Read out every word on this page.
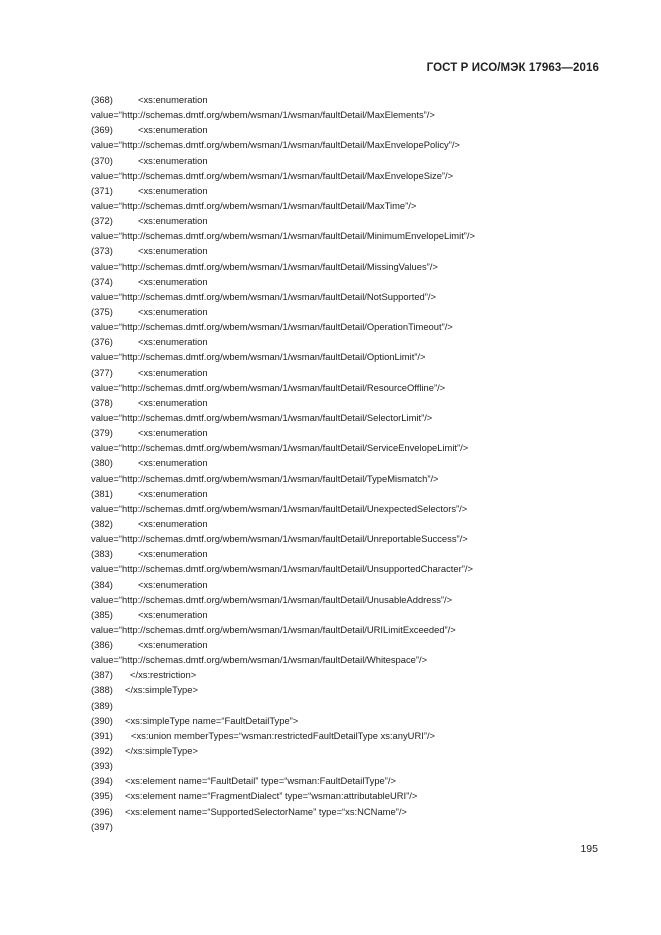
ГОСТ Р ИСО/МЭК 17963—2016
(368)	<xs:enumeration
value=“http://schemas.dmtf.org/wbem/wsman/1/wsman/faultDetail/MaxElements”/>
(369)	<xs:enumeration
value=“http://schemas.dmtf.org/wbem/wsman/1/wsman/faultDetail/MaxEnvelopePolicy”/>
(370)	<xs:enumeration
value=“http://schemas.dmtf.org/wbem/wsman/1/wsman/faultDetail/MaxEnvelopeSize”/>
(371)	<xs:enumeration
value=“http://schemas.dmtf.org/wbem/wsman/1/wsman/faultDetail/MaxTime”/>
(372)	<xs:enumeration
value=“http://schemas.dmtf.org/wbem/wsman/1/wsman/faultDetail/MinimumEnvelopeLimit”/>
(373)	<xs:enumeration
value=“http://schemas.dmtf.org/wbem/wsman/1/wsman/faultDetail/MissingValues”/>
(374)	<xs:enumeration
value=“http://schemas.dmtf.org/wbem/wsman/1/wsman/faultDetail/NotSupported”/>
(375)	<xs:enumeration
value=“http://schemas.dmtf.org/wbem/wsman/1/wsman/faultDetail/OperationTimeout”/>
(376)	<xs:enumeration
value=“http://schemas.dmtf.org/wbem/wsman/1/wsman/faultDetail/OptionLimit”/>
(377)	<xs:enumeration
value=“http://schemas.dmtf.org/wbem/wsman/1/wsman/faultDetail/ResourceOffline”/>
(378)	<xs:enumeration
value=“http://schemas.dmtf.org/wbem/wsman/1/wsman/faultDetail/SelectorLimit”/>
(379)	<xs:enumeration
value=“http://schemas.dmtf.org/wbem/wsman/1/wsman/faultDetail/ServiceEnvelopeLimit”/>
(380)	<xs:enumeration
value=“http://schemas.dmtf.org/wbem/wsman/1/wsman/faultDetail/TypeMismatch”/>
(381)	<xs:enumeration
value=“http://schemas.dmtf.org/wbem/wsman/1/wsman/faultDetail/UnexpectedSelectors”/>
(382)	<xs:enumeration
value=“http://schemas.dmtf.org/wbem/wsman/1/wsman/faultDetail/UnreportableSuccess”/>
(383)	<xs:enumeration
value=“http://schemas.dmtf.org/wbem/wsman/1/wsman/faultDetail/UnsupportedCharacter”/>
(384)	<xs:enumeration
value=“http://schemas.dmtf.org/wbem/wsman/1/wsman/faultDetail/UnusableAddress”/>
(385)	<xs:enumeration
value=“http://schemas.dmtf.org/wbem/wsman/1/wsman/faultDetail/URILimitExceeded”/>
(386)	<xs:enumeration
value=“http://schemas.dmtf.org/wbem/wsman/1/wsman/faultDetail/Whitespace”/>
(387) </xs:restriction>
(388) </xs:simpleType>
(389)
(390) <xs:simpleType name=“FaultDetailType”>
(391) <xs:union memberTypes=“wsman:restrictedFaultDetailType xs:anyURI”/>
(392) </xs:simpleType>
(393)
(394) <xs:element name=“FaultDetail” type=“wsman:FaultDetailType”/>
(395) <xs:element name=“FragmentDialect” type=“wsman:attributableURI”/>
(396) <xs:element name=“SupportedSelectorName” type=“xs:NCName”/>
(397)
195
